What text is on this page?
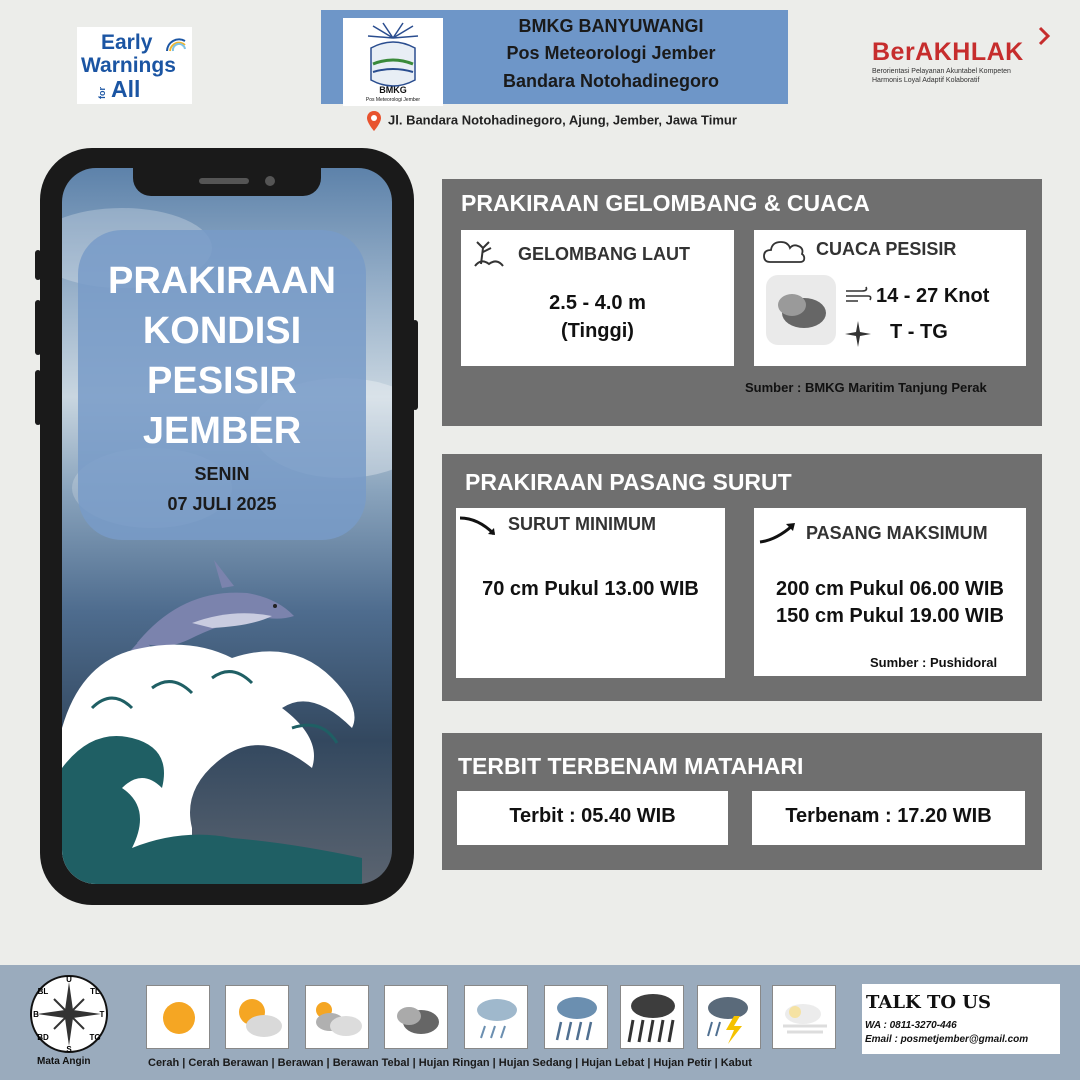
Early
Warnings
for All	BMKG
Pos Meteorologi Jember
BMKG BANYUWANGI
Pos Meteorologi Jember
Bandara Notohadinegoro
BerAKHLAK
Berorientasi Pelayanan Akuntabel Kompeten
Harmonis Loyal Adaptif Kolaboratif
Jl. Bandara Notohadinegoro, Ajung, Jember, Jawa Timur
PRAKIRAAN
KONDISI
PESISIR
JEMBER
SENIN
07 JULI 2025
PRAKIRAAN GELOMBANG & CUACA
GELOMBANG LAUT
2.5 - 4.0 m
(Tinggi)
CUACA PESISIR
14 - 27 Knot
T - TG
Sumber : BMKG Maritim Tanjung Perak
PRAKIRAAN PASANG SURUT
SURUT MINIMUM
70 cm Pukul 13.00 WIB
PASANG MAKSIMUM
200 cm Pukul 06.00 WIB
150 cm Pukul 19.00 WIB
Sumber : Pushidoral
TERBIT TERBENAM MATAHARI
Terbit : 05.40 WIB	Terbenam : 17.20 WIB
U
S
B	T
BL	TL
BD	TG
Mata Angin	Cerah | Cerah Berawan | Berawan | Berawan Tebal | Hujan Ringan | Hujan Sedang | Hujan Lebat | Hujan Petir | Kabut
TALK TO US
WA : 0811-3270-446
Email : posmetjember@gmail.com
